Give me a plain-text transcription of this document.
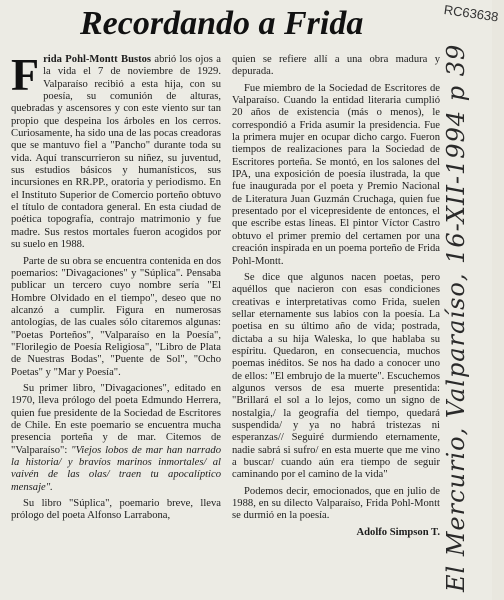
Recordando a Frida	RC63638

Frida Pohl-Montt Bustos abrió los ojos a la vida el 7 de noviembre de 1929. Valparaíso recibió a esta hija, con su poesía, su comunión de alturas, quebradas y ascensores y con este viento sur tan propio que despeina los árboles en los cerros. Curiosamente, ha sido una de las pocas creadoras que se mantuvo fiel a "Pancho" durante toda su vida. Aquí transcurrieron su niñez, su juventud, sus estudios básicos y humanísticos, sus incursiones en RR.PP., oratoria y periodismo. En el Instituto Superior de Comercio porteño obtuvo el título de contadora general. En esta ciudad de poética topografía, contrajo matrimonio y fue madre. Sus restos mortales fueron acogidos por su suelo en 1988.

Parte de su obra se encuentra contenida en dos poemarios: "Divagaciones" y "Súplica". Pensaba publicar un tercero cuyo nombre sería "El Hombre Olvidado en el tiempo", deseo que no alcanzó a cumplir. Figura en numerosas antologías, de las cuales sólo citaremos algunas: "Poetas Porteños", "Valparaíso en la Poesía", "Florilegio de Poesía Religiosa", "Libro de Plata de Nuestras Bodas", "Puente de Sol", "Ocho Poetas" y "Mar y Poesía".

Su primer libro, "Divagaciones", editado en 1970, lleva prólogo del poeta Edmundo Herrera, quien fue presidente de la Sociedad de Escritores de Chile. En este poemario se encuentra mucha presencia porteña y de mar. Citemos de "Valparaíso": "Viejos lobos de mar han narrado la historia/ y bravíos marinos inmortales/ al vaivén de las olas/ traen tu apocalíptico mensaje".

Su libro "Súplica", poemario breve, lleva prólogo del poeta Alfonso Larrabona,

quien se refiere allí a una obra madura y depurada.

Fue miembro de la Sociedad de Escritores de Valparaíso. Cuando la entidad literaria cumplió 20 años de existencia (más o menos), le correspondió a Frida asumir la presidencia. Fue la primera mujer en ocupar dicho cargo. Fueron tiempos de realizaciones para la Sociedad de Escritores porteña. Se montó, en los salones del IPA, una exposición de poesía ilustrada, la que fue inaugurada por el poeta y Premio Nacional de Literatura Juan Guzmán Cruchaga, quien fue presentado por el vicepresidente de entonces, el que escribe estas líneas. El pintor Víctor Castro obtuvo el primer premio del certamen por una creación inspirada en un poema porteño de Frida Pohl-Montt.

Se dice que algunos nacen poetas, pero aquéllos que nacieron con esas condiciones creativas e interpretativas como Frida, suelen sellar eternamente sus labios con la poesía. La poetisa en su último año de vida; postrada, dictaba a su hija Waleska, lo que hablaba su espíritu. Quedaron, en consecuencia, muchos poemas inéditos. Se nos ha dado a conocer uno de ellos: "El embrujo de la muerte". Escuchemos algunos versos de esa muerte presentida: "Brillará el sol a lo lejos, como un signo de nostalgia,/ la geografía del tiempo, quedará suspendida/ y ya no habrá tristezas ni esperanzas// Seguiré durmiendo eternamente, nadie sabrá si sufro/ en esta muerte que me vino a buscar/ cuando aún era tiempo de seguir caminando por el camino de la vida"

Podemos decir, emocionados, que en julio de 1988, en su dilecto Valparaíso, Frida Pohl-Montt se durmió en la poesía.

Adolfo Simpson T. El Mercurio, Valparaíso, 16-XII-1994 p 39
